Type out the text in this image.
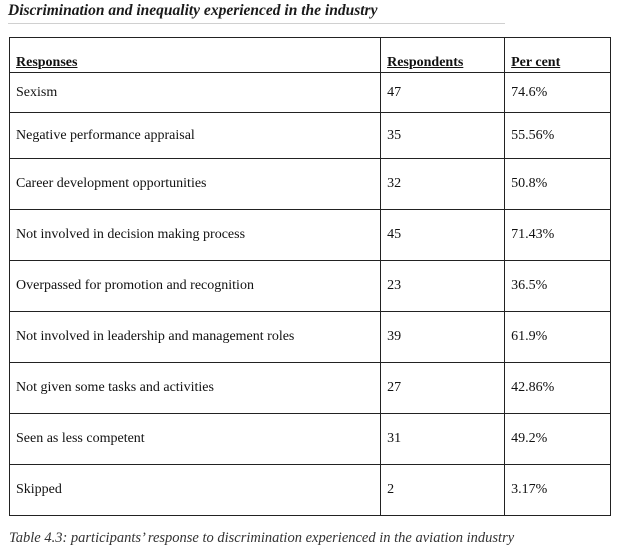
Discrimination and inequality experienced in the industry
Responses	Respondents	Per cent
Sexism	47	74.6%
Negative performance appraisal	35	55.56%
Career development opportunities	32	50.8%
Not involved in decision making process	45	71.43%
Overpassed for promotion and recognition	23	36.5%
Not involved in leadership and management roles	39	61.9%
Not given some tasks and activities	27	42.86%
Seen as less competent	31	49.2%
Skipped	2	3.17%
Table 4.3: participants’ response to discrimination experienced in the aviation industry
